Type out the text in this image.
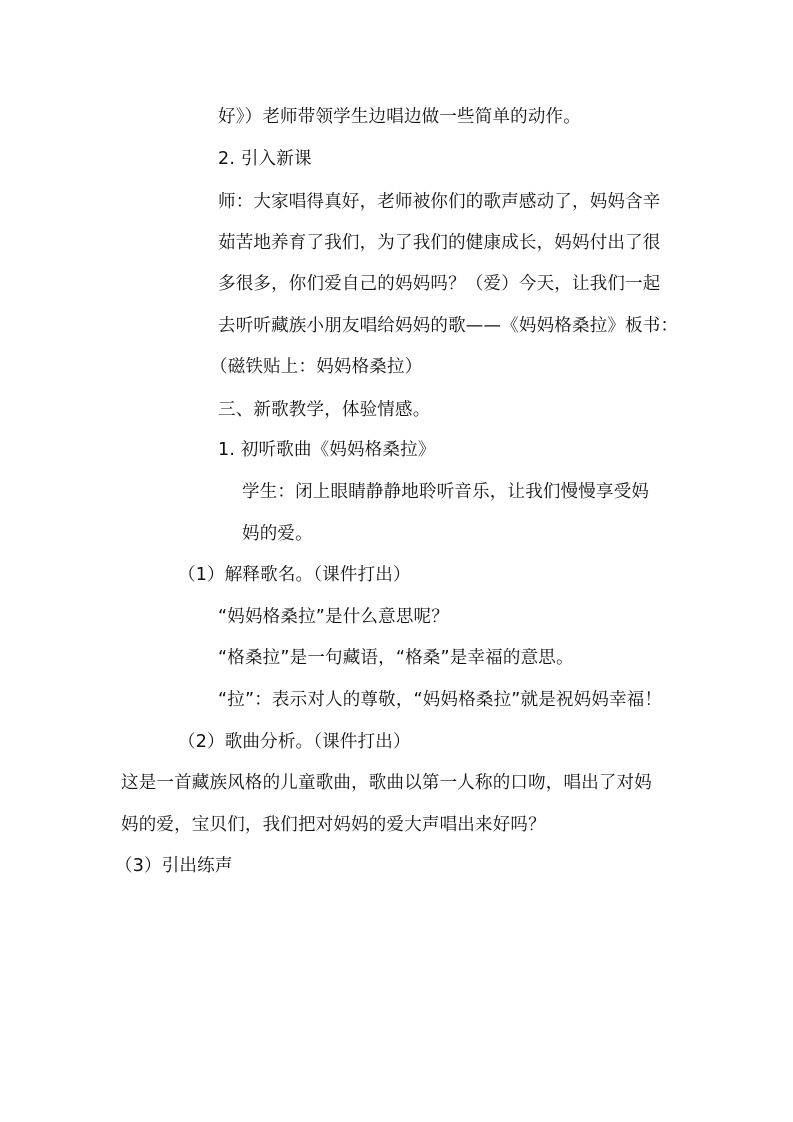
好》）老师带领学生边唱边做一些简单的动作。
2. 引入新课
师：大家唱得真好，老师被你们的歌声感动了，妈妈含辛
茹苦地养育了我们，为了我们的健康成长，妈妈付出了很
多很多，你们爱自己的妈妈吗？（爱）今天，让我们一起
去听听藏族小朋友唱给妈妈的歌——《妈妈格桑拉》板书：
（磁铁贴上：妈妈格桑拉）
三、新歌教学，体验情感。
1. 初听歌曲《妈妈格桑拉》
学生：闭上眼睛静静地聆听音乐，让我们慢慢享受妈
妈的爱。
（1）解释歌名。（课件打出）
“妈妈格桑拉”是什么意思呢？
“格桑拉”是一句藏语，“格桑”是幸福的意思。
“拉”：表示对人的尊敬，“妈妈格桑拉”就是祝妈妈幸福！
（2）歌曲分析。（课件打出）
这是一首藏族风格的儿童歌曲，歌曲以第一人称的口吻，唱出了对妈
妈的爱，宝贝们，我们把对妈妈的爱大声唱出来好吗？
（3）引出练声
